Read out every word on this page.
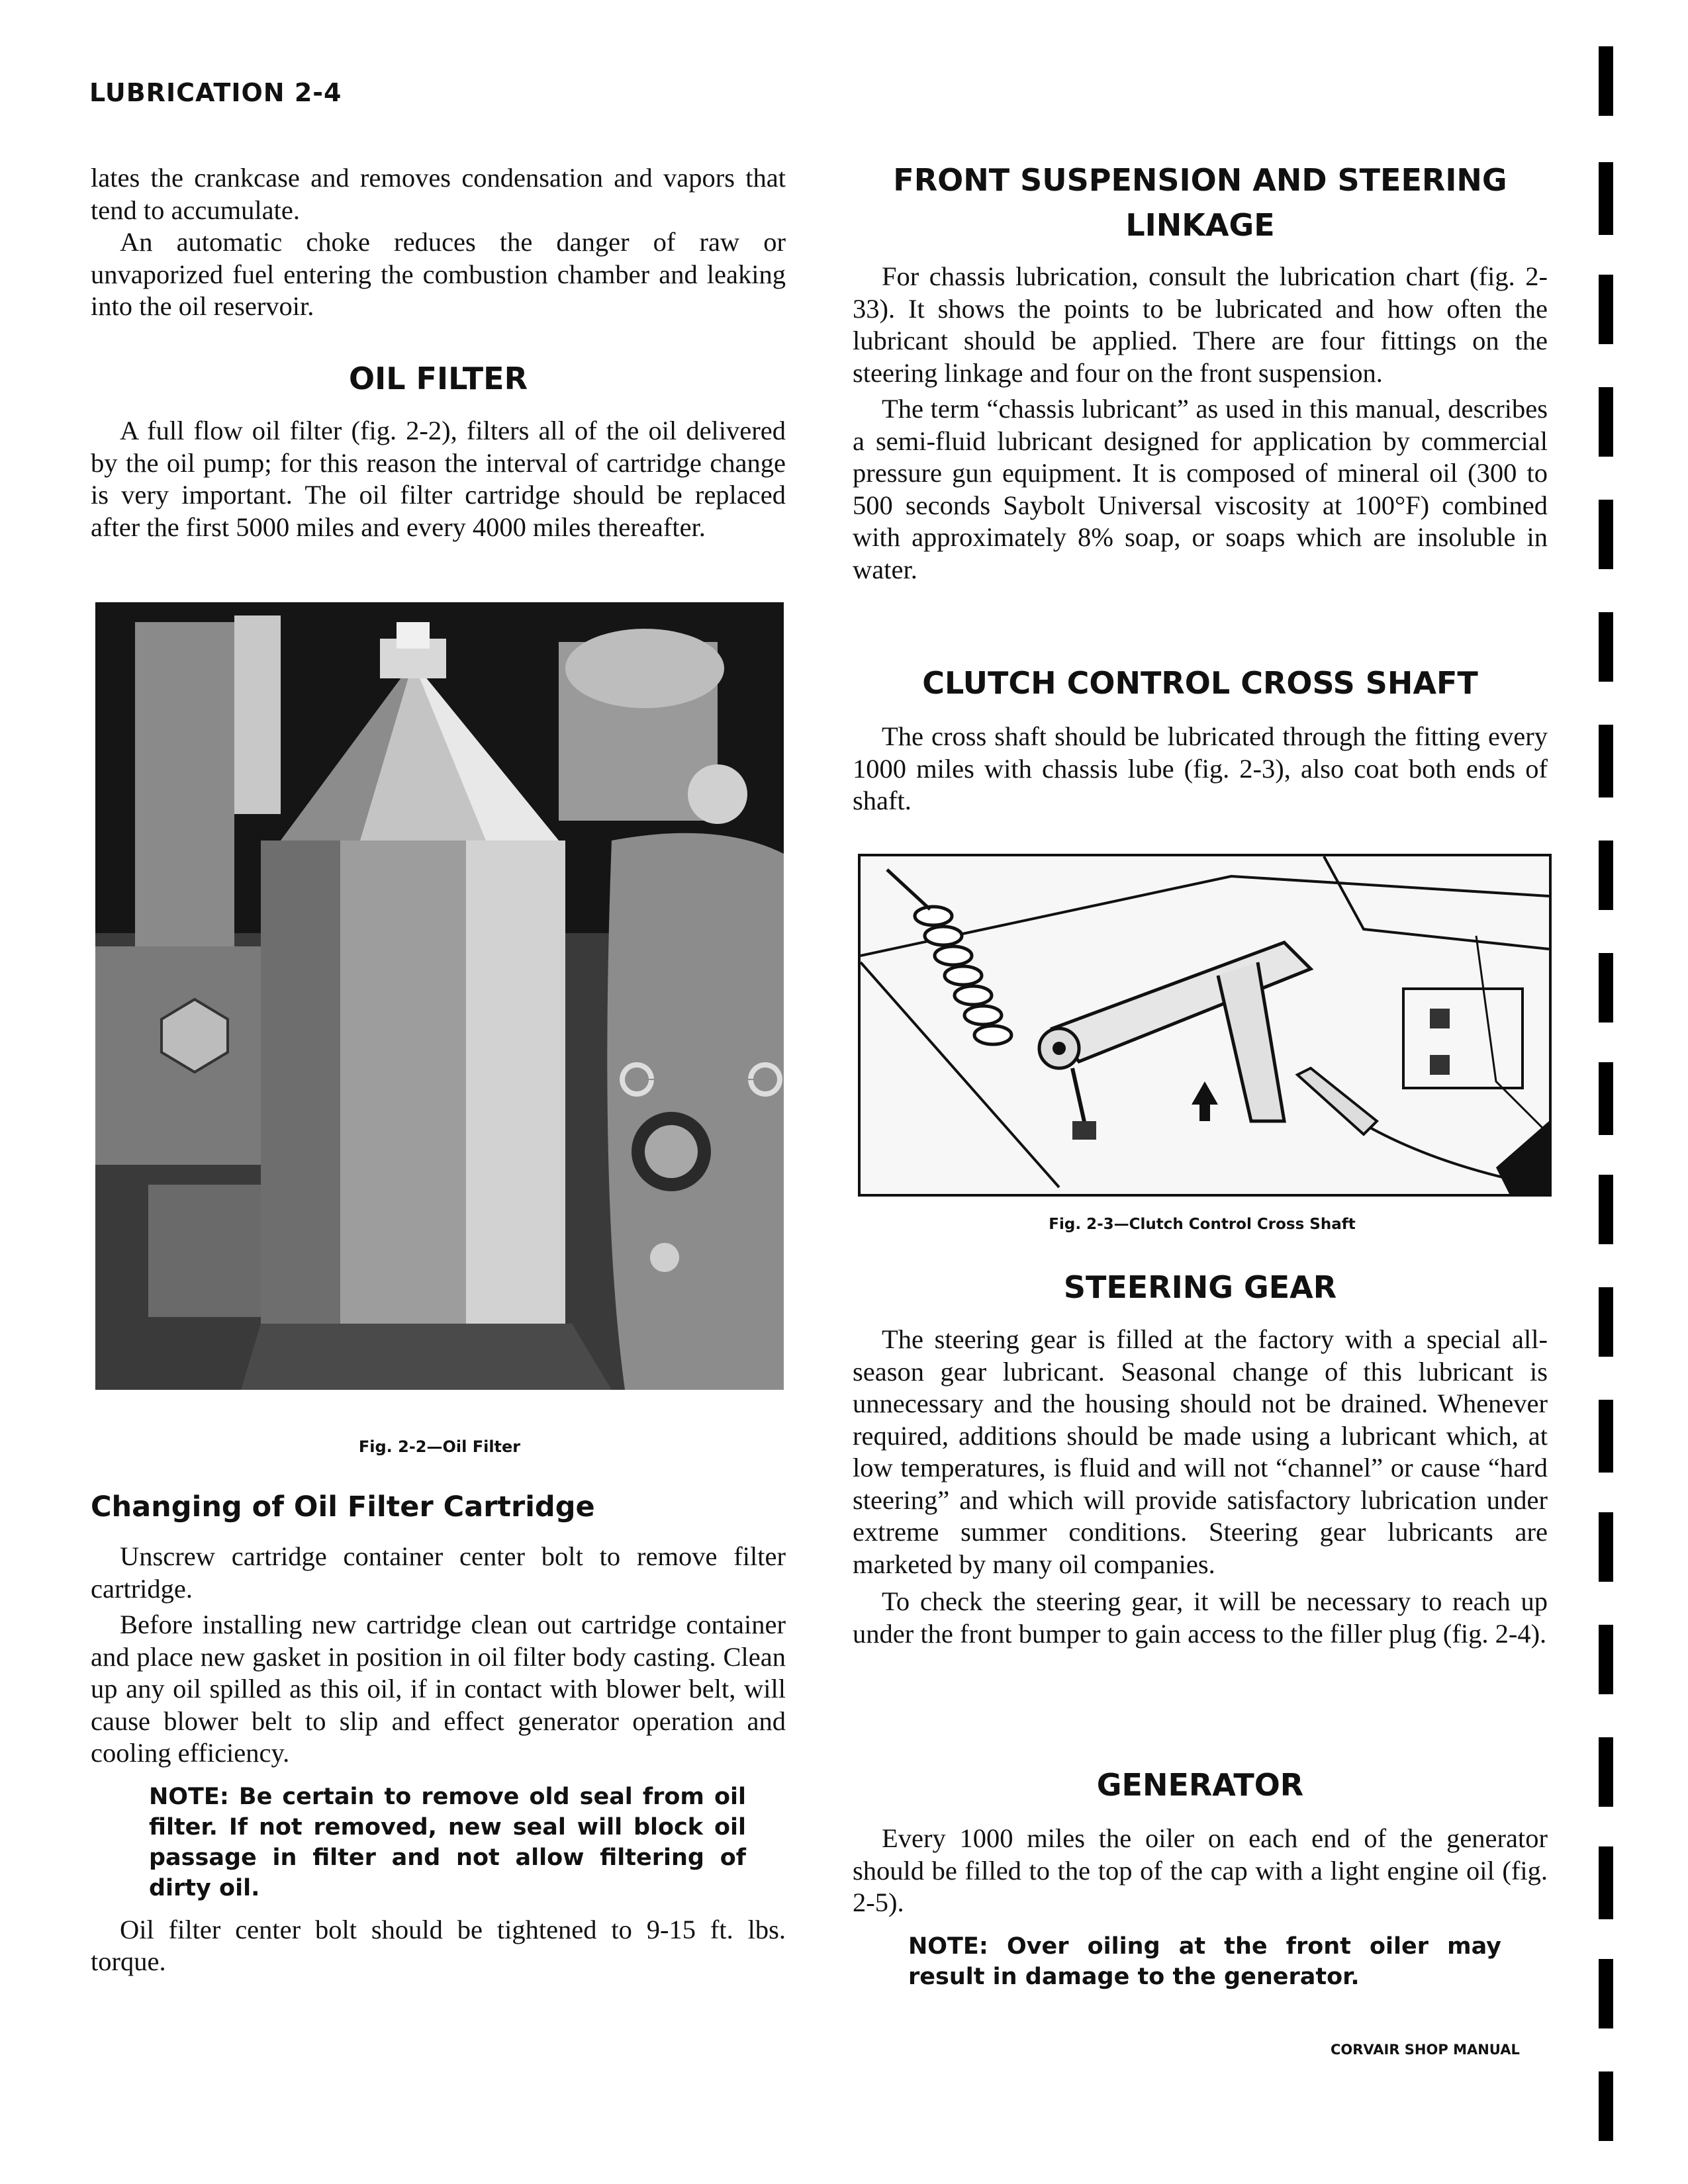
LUBRICATION 2-4

lates the crankcase and removes condensation and vapors that tend to accumulate.

An automatic choke reduces the danger of raw or unvaporized fuel entering the combustion chamber and leaking into the oil reservoir.

OIL FILTER

A full flow oil filter (fig. 2-2), filters all of the oil delivered by the oil pump; for this reason the interval of cartridge change is very important. The oil filter cartridge should be replaced after the first 5000 miles and every 4000 miles thereafter.

Fig. 2-2—Oil Filter
Changing of Oil Filter Cartridge

Unscrew cartridge container center bolt to remove filter cartridge.

Before installing new cartridge clean out cartridge container and place new gasket in position in oil filter body casting. Clean up any oil spilled as this oil, if in contact with blower belt, will cause blower belt to slip and effect generator operation and cooling efficiency.

NOTE: Be certain to remove old seal from oil filter. If not removed, new seal will block oil passage in filter and not allow filtering of dirty oil.

Oil filter center bolt should be tightened to 9-15 ft. lbs. torque.

FRONT SUSPENSION AND STEERING LINKAGE

For chassis lubrication, consult the lubrication chart (fig. 2-33). It shows the points to be lubricated and how often the lubricant should be applied. There are four fittings on the steering linkage and four on the front suspension.

The term “chassis lubricant” as used in this manual, describes a semi-fluid lubricant designed for application by commercial pressure gun equipment. It is composed of mineral oil (300 to 500 seconds Saybolt Universal viscosity at 100°F) combined with approximately 8% soap, or soaps which are insoluble in water.

CLUTCH CONTROL CROSS SHAFT

The cross shaft should be lubricated through the fitting every 1000 miles with chassis lube (fig. 2-3), also coat both ends of shaft.

Fig. 2-3—Clutch Control Cross Shaft
STEERING GEAR

The steering gear is filled at the factory with a special all-season gear lubricant. Seasonal change of this lubricant is unnecessary and the housing should not be drained. Whenever required, additions should be made using a lubricant which, at low temperatures, is fluid and will not “channel” or cause “hard steering” and which will provide satisfactory lubrication under extreme summer conditions. Steering gear lubricants are marketed by many oil companies.

To check the steering gear, it will be necessary to reach up under the front bumper to gain access to the filler plug (fig. 2-4).

GENERATOR

Every 1000 miles the oiler on each end of the generator should be filled to the top of the cap with a light engine oil (fig. 2-5).

NOTE: Over oiling at the front oiler may result in damage to the generator.

CORVAIR SHOP MANUAL
